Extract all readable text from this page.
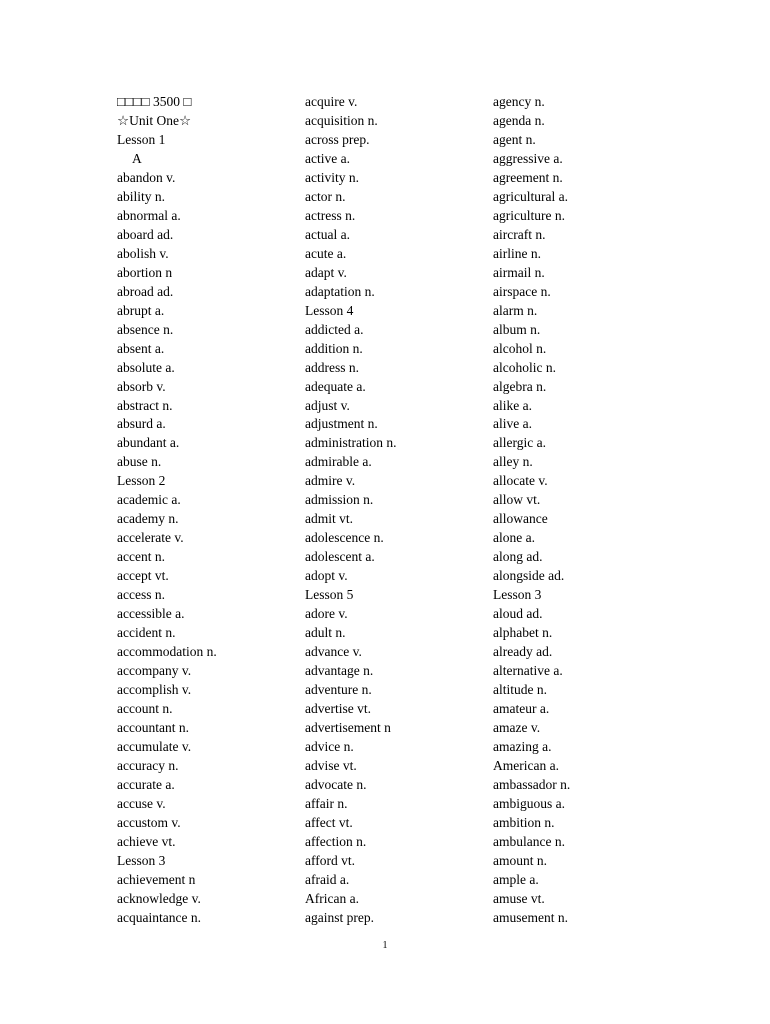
□□□□ 3500 □
☆Unit One☆
Lesson 1
A
abandon v.
ability n.
abnormal a.
aboard ad.
abolish v.
abortion n
abroad ad.
abrupt a.
absence n.
absent a.
absolute a.
absorb v.
abstract n.
absurd a.
abundant a.
abuse n.
Lesson 2
academic a.
academy n.
accelerate v.
accent n.
accept vt.
access n.
accessible a.
accident n.
accommodation n.
accompany v.
accomplish v.
account n.
accountant n.
accumulate v.
accuracy n.
accurate a.
accuse v.
accustom v.
achieve vt.
Lesson 3
achievement n
acknowledge v.
acquaintance n.
acquire v.
acquisition n.
across prep.
active a.
activity n.
actor n.
actress n.
actual a.
acute a.
adapt v.
adaptation n.
Lesson 4
addicted a.
addition n.
address n.
adequate a.
adjust v.
adjustment n.
administration n.
admirable a.
admire v.
admission n.
admit vt.
adolescence n.
adolescent a.
adopt v.
Lesson 5
adore v.
adult n.
advance v.
advantage n.
adventure n.
advertise vt.
advertisement n
advice n.
advise vt.
advocate n.
affair n.
affect vt.
affection n.
afford vt.
afraid a.
African a.
against prep.
agency n.
agenda n.
agent n.
aggressive a.
agreement n.
agricultural a.
agriculture n.
aircraft n.
airline n.
airmail n.
airspace n.
alarm n.
album n.
alcohol n.
alcoholic n.
algebra n.
alike a.
alive a.
allergic a.
alley n.
allocate v.
allow vt.
allowance
alone a.
along ad.
alongside ad.
Lesson 3
aloud ad.
alphabet n.
already ad.
alternative a.
altitude n.
amateur a.
amaze v.
amazing a.
American a.
ambassador n.
ambiguous a.
ambition n.
ambulance n.
amount n.
ample a.
amuse vt.
amusement n.
1
